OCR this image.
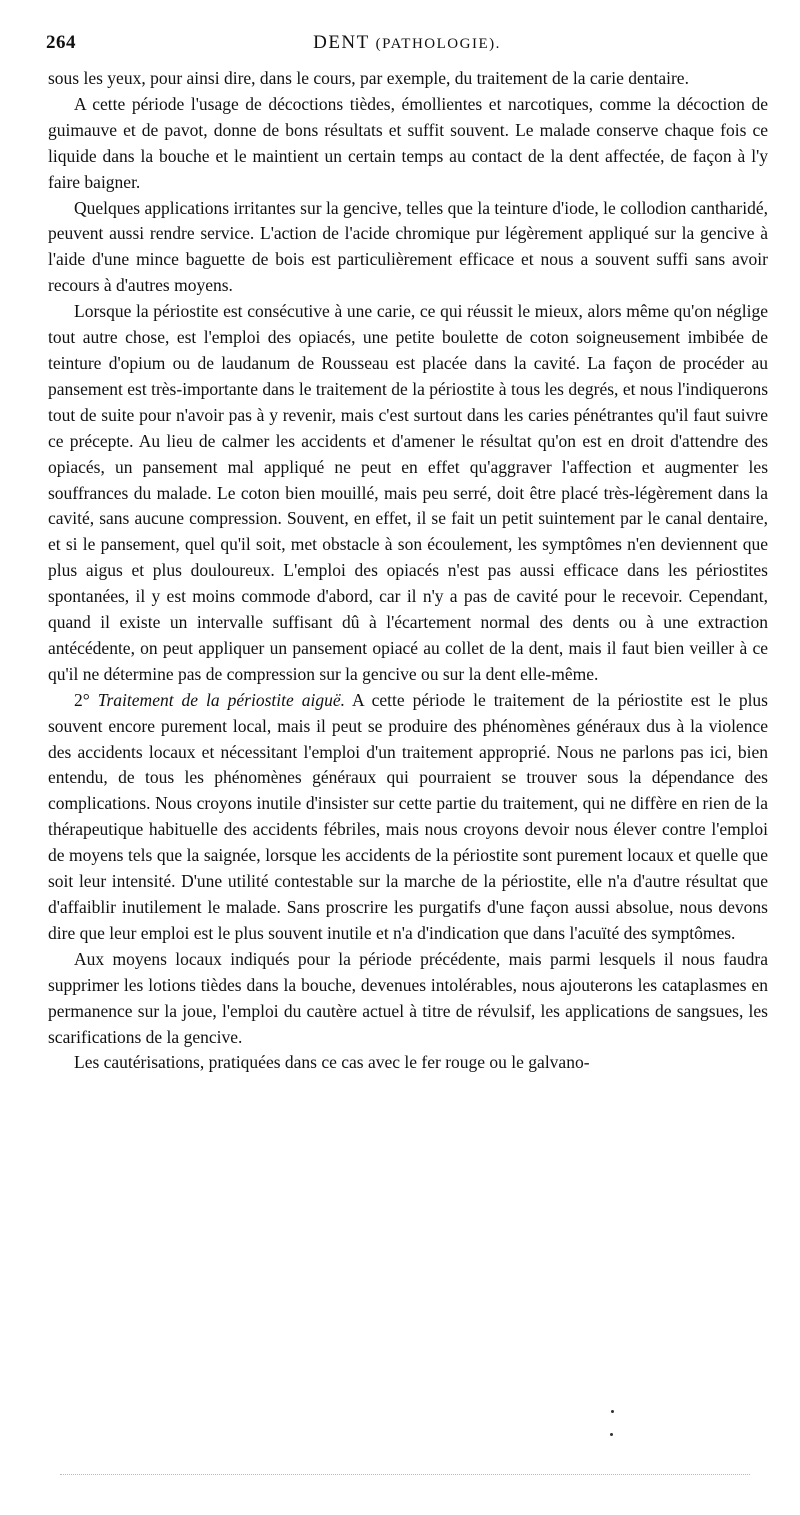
264	DENT (PATHOLOGIE).

sous les yeux, pour ainsi dire, dans le cours, par exemple, du traitement de la carie dentaire.

A cette période l'usage de décoctions tièdes, émollientes et narcotiques, comme la décoction de guimauve et de pavot, donne de bons résultats et suffit souvent. Le malade conserve chaque fois ce liquide dans la bouche et le maintient un certain temps au contact de la dent affectée, de façon à l'y faire baigner.

Quelques applications irritantes sur la gencive, telles que la teinture d'iode, le collodion cantharidé, peuvent aussi rendre service. L'action de l'acide chromique pur légèrement appliqué sur la gencive à l'aide d'une mince baguette de bois est particulièrement efficace et nous a souvent suffi sans avoir recours à d'autres moyens.

Lorsque la périostite est consécutive à une carie, ce qui réussit le mieux, alors même qu'on néglige tout autre chose, est l'emploi des opiacés, une petite boulette de coton soigneusement imbibée de teinture d'opium ou de laudanum de Rousseau est placée dans la cavité. La façon de procéder au pansement est très-importante dans le traitement de la périostite à tous les degrés, et nous l'indiquerons tout de suite pour n'avoir pas à y revenir, mais c'est surtout dans les caries pénétrantes qu'il faut suivre ce précepte. Au lieu de calmer les accidents et d'amener le résultat qu'on est en droit d'attendre des opiacés, un pansement mal appliqué ne peut en effet qu'aggraver l'affection et augmenter les souffrances du malade. Le coton bien mouillé, mais peu serré, doit être placé très-légèrement dans la cavité, sans aucune compression. Souvent, en effet, il se fait un petit suintement par le canal dentaire, et si le pansement, quel qu'il soit, met obstacle à son écoulement, les symptômes n'en deviennent que plus aigus et plus douloureux. L'emploi des opiacés n'est pas aussi efficace dans les périostites spontanées, il y est moins commode d'abord, car il n'y a pas de cavité pour le recevoir. Cependant, quand il existe un intervalle suffisant dû à l'écartement normal des dents ou à une extraction antécédente, on peut appliquer un pansement opiacé au collet de la dent, mais il faut bien veiller à ce qu'il ne détermine pas de compression sur la gencive ou sur la dent elle-même.

2° Traitement de la périostite aiguë. A cette période le traitement de la périostite est le plus souvent encore purement local, mais il peut se produire des phénomènes généraux dus à la violence des accidents locaux et nécessitant l'emploi d'un traitement approprié. Nous ne parlons pas ici, bien entendu, de tous les phénomènes généraux qui pourraient se trouver sous la dépendance des complications. Nous croyons inutile d'insister sur cette partie du traitement, qui ne diffère en rien de la thérapeutique habituelle des accidents fébriles, mais nous croyons devoir nous élever contre l'emploi de moyens tels que la saignée, lorsque les accidents de la périostite sont purement locaux et quelle que soit leur intensité. D'une utilité contestable sur la marche de la périostite, elle n'a d'autre résultat que d'affaiblir inutilement le malade. Sans proscrire les purgatifs d'une façon aussi absolue, nous devons dire que leur emploi est le plus souvent inutile et n'a d'indication que dans l'acuïté des symptômes.

Aux moyens locaux indiqués pour la période précédente, mais parmi lesquels il nous faudra supprimer les lotions tièdes dans la bouche, devenues intolérables, nous ajouterons les cataplasmes en permanence sur la joue, l'emploi du cautère actuel à titre de révulsif, les applications de sangsues, les scarifications de la gencive.

Les cautérisations, pratiquées dans ce cas avec le fer rouge ou le galvano-
